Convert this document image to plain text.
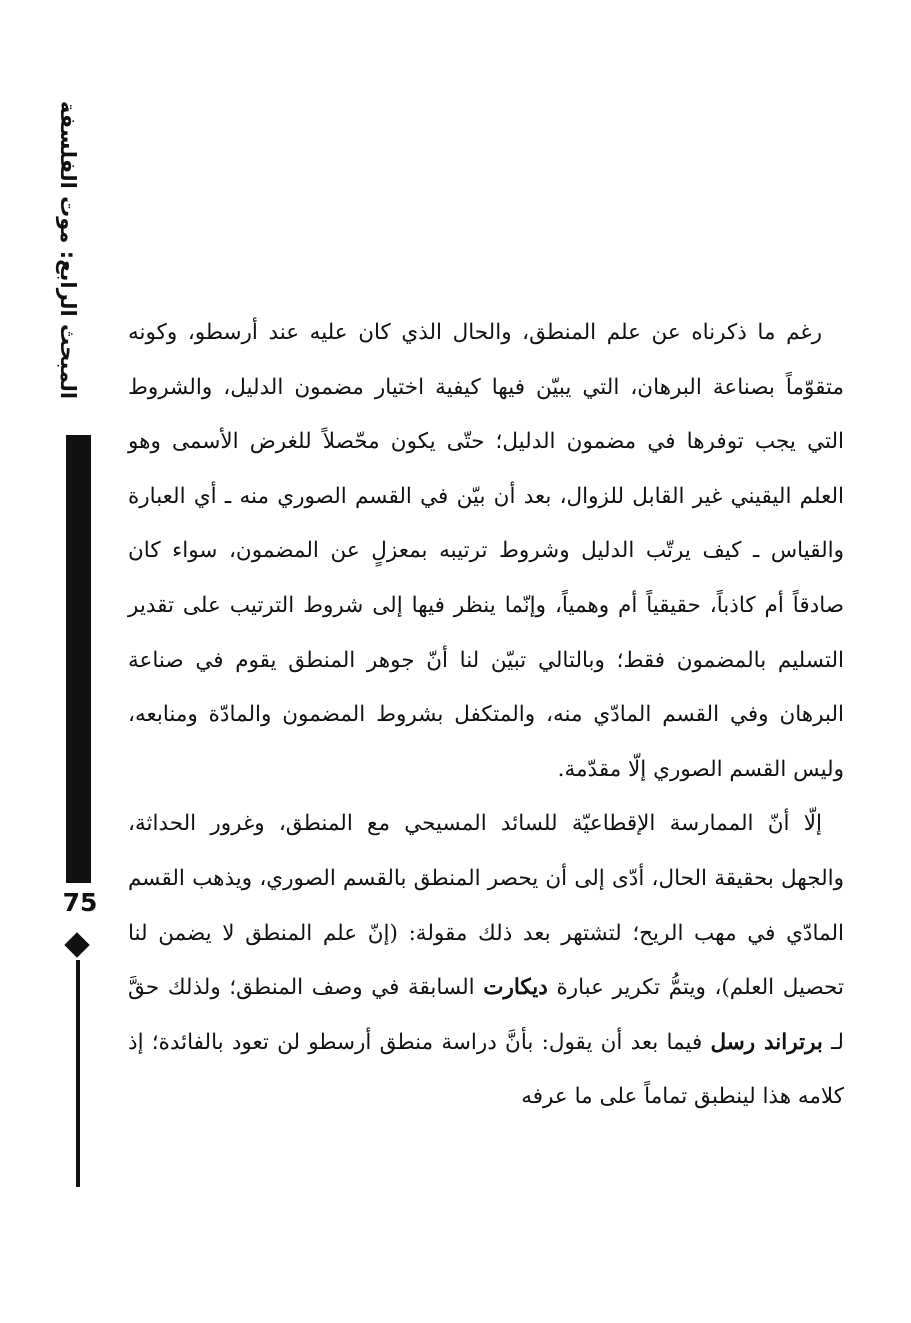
المبحث الرابع: موت الفلسفة
75

رغم ما ذكرناه عن علم المنطق، والحال الذي كان عليه عند أرسطو، وكونه متقوّماً بصناعة البرهان، التي يبيّن فيها كيفية اختيار مضمون الدليل، والشروط التي يجب توفرها في مضمون الدليل؛ حتّى يكون محّصلاً للغرض الأسمى وهو العلم اليقيني غير القابل للزوال، بعد أن بيّن في القسم الصوري منه ـ أي العبارة والقياس ـ كيف يرتّب الدليل وشروط ترتيبه بمعزلٍ عن المضمون، سواء كان صادقاً أم كاذباً، حقيقياً أم وهمياً، وإنّما ينظر فيها إلى شروط الترتيب على تقدير التسليم بالمضمون فقط؛ وبالتالي تبيّن لنا أنّ جوهر المنطق يقوم في صناعة البرهان وفي القسم المادّي منه، والمتكفل بشروط المضمون والمادّة ومنابعه، وليس القسم الصوري إلّا مقدّمة.

إلّا أنّ الممارسة الإقطاعيّة للسائد المسيحي مع المنطق، وغرور الحداثة، والجهل بحقيقة الحال، أدّى إلى أن يحصر المنطق بالقسم الصوري، ويذهب القسم المادّي في مهب الريح؛ لتشتهر بعد ذلك مقولة: (إنّ علم المنطق لا يضمن لنا تحصيل العلم)، ويتمُّ تكرير عبارة ديكارت السابقة في وصف المنطق؛ ولذلك حقَّ لـ برتراند رسل فيما بعد أن يقول: بأنَّ دراسة منطق أرسطو لن تعود بالفائدة؛ إذ كلامه هذا لينطبق تماماً على ما عرفه
